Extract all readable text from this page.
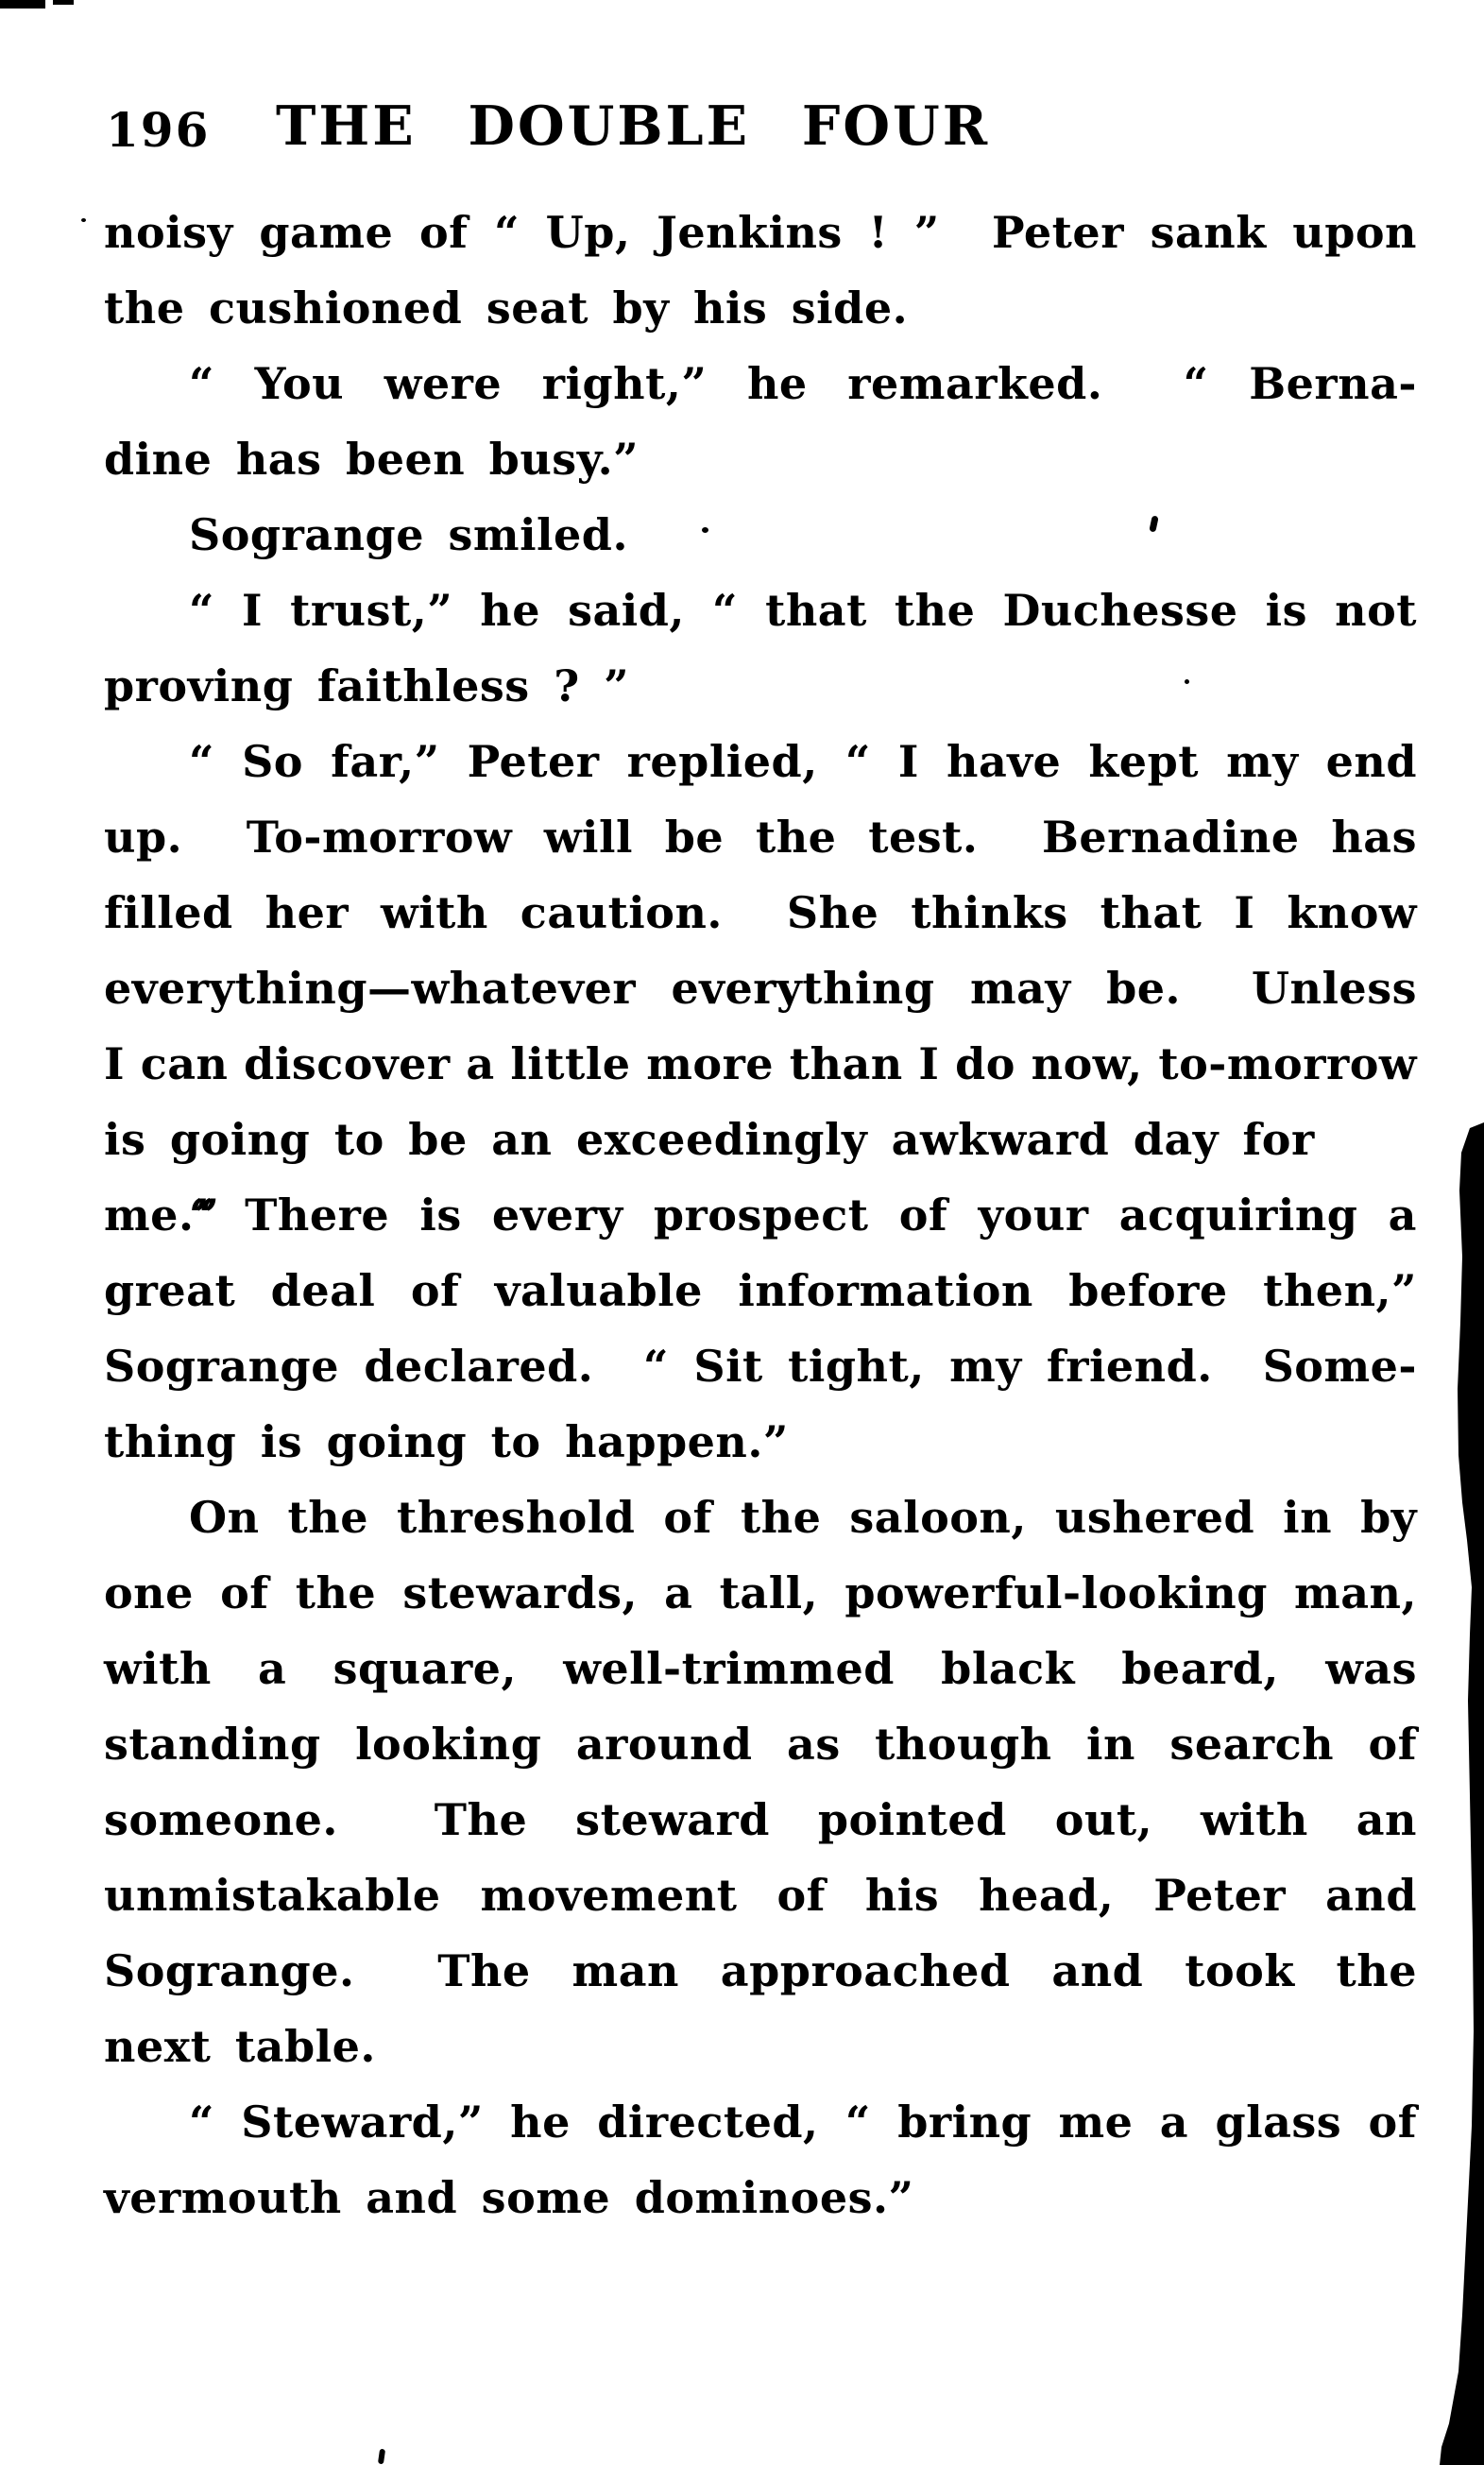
196 THE DOUBLE FOUR
noisy game of “ Up, Jenkins ! ”  Peter sank upon
the cushioned seat by his side.
“ You were right,” he remarked.  “ Berna-
dine has been busy.”
Sogrange smiled.
“ I trust,” he said, “ that the Duchesse is not
proving faithless ? ”
“ So far,” Peter replied, “ I have kept my end
up.  To-morrow will be the test.  Bernadine has
filled her with caution.  She thinks that I know
everything—whatever everything may be.  Unless
I can discover a little more than I do now, to-morrow
is going to be an exceedingly awkward day for me.”
“ There is every prospect of your acquiring a
great deal of valuable information before then,”
Sogrange declared.  “ Sit tight, my friend.  Some-
thing is going to happen.”
On the threshold of the saloon, ushered in by
one of the stewards, a tall, powerful-looking man,
with a square, well-trimmed black beard, was
standing looking around as though in search of
someone.  The steward pointed out, with an
unmistakable movement of his head, Peter and
Sogrange.  The man approached and took the
next table.
“ Steward,” he directed, “ bring me a glass of
vermouth and some dominoes.”
